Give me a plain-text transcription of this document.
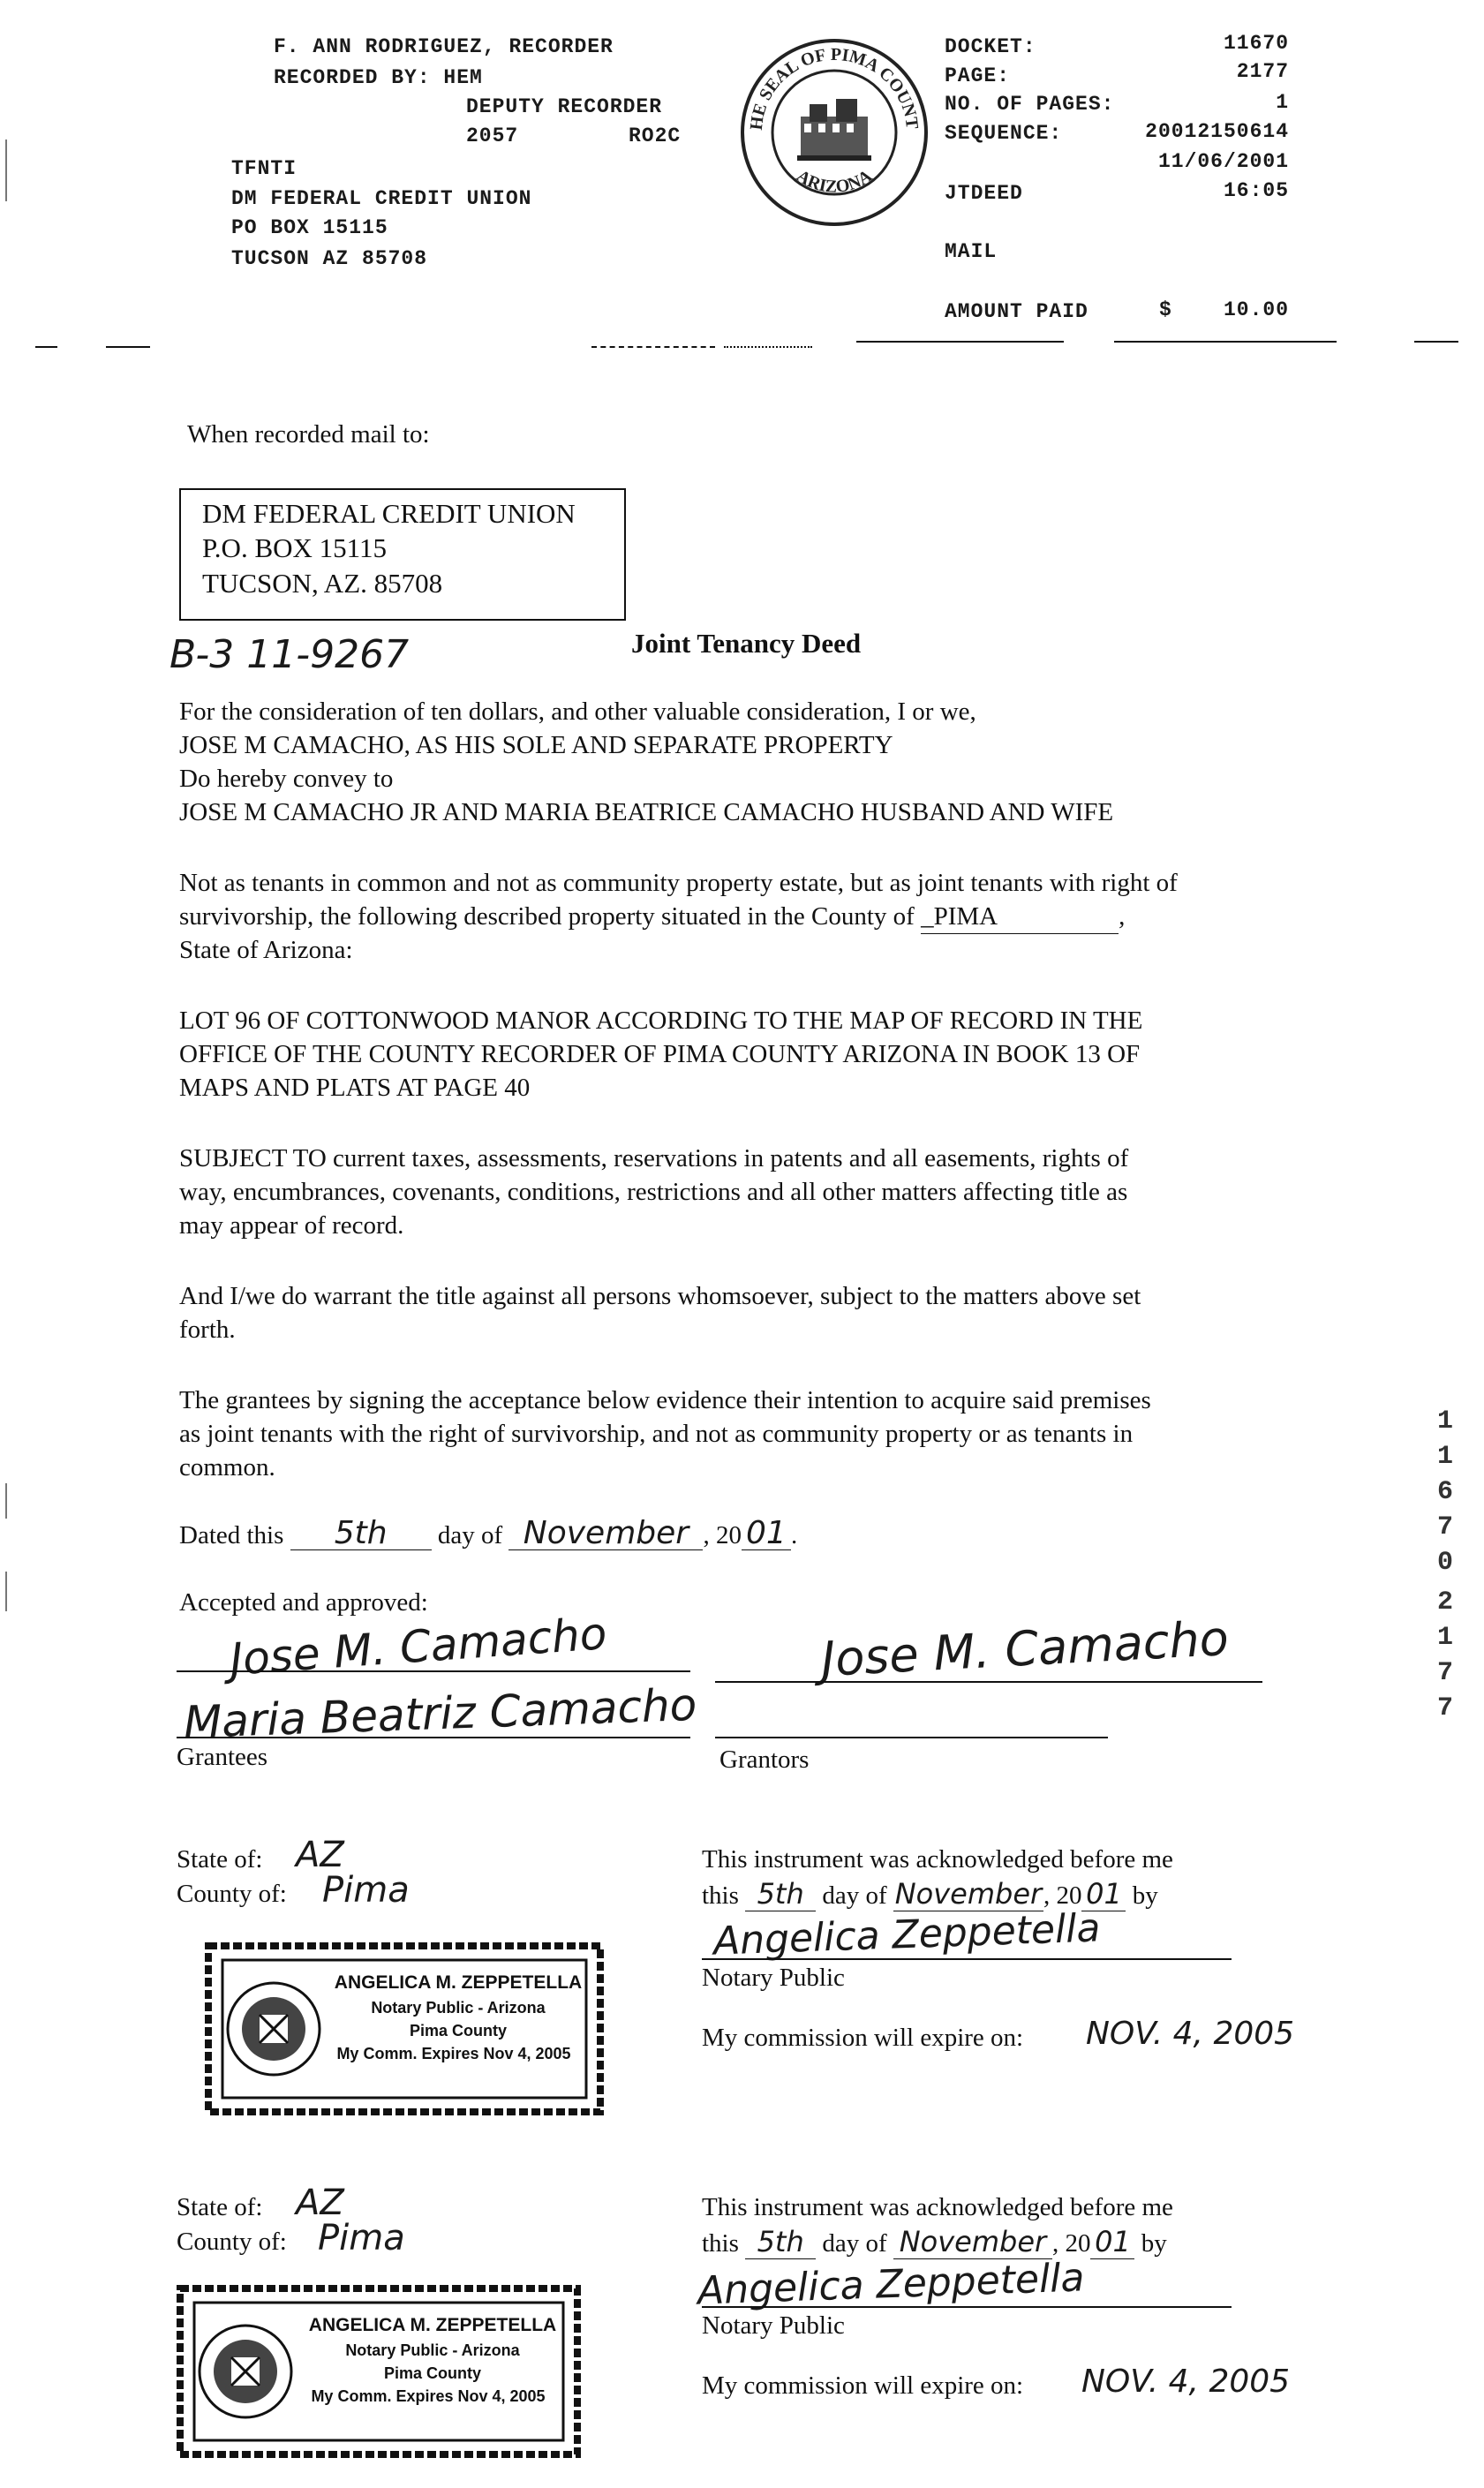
F. ANN RODRIGUEZ, RECORDER
RECORDED BY: HEM
DEPUTY RECORDER
2057	RO2C
TFNTI
DM FEDERAL CREDIT UNION
PO BOX 15115
TUCSON AZ 85708
HE SEAL OF PIMA COUNT
ARIZONA
DOCKET:	11670
PAGE:	2177
NO. OF PAGES:	1
SEQUENCE:	20012150614
11/06/2001
JTDEED	16:05
MAIL
AMOUNT PAID	$	10.00
When recorded mail to:
DM FEDERAL CREDIT UNION
P.O. BOX 15115
TUCSON, AZ. 85708
B-3 11-9267	Joint Tenancy Deed
For the consideration of ten dollars, and other valuable consideration, I or we,
JOSE M CAMACHO, AS HIS SOLE AND SEPARATE PROPERTY
Do hereby convey to
JOSE M CAMACHO JR AND MARIA BEATRICE CAMACHO HUSBAND AND WIFE
Not as tenants in common and not as community property estate, but as joint tenants with right of
survivorship, the following described property situated in the County of _PIMA	,
State of Arizona:
LOT 96 OF COTTONWOOD MANOR ACCORDING TO THE MAP OF RECORD IN THE
OFFICE OF THE COUNTY RECORDER OF PIMA COUNTY ARIZONA IN BOOK 13 OF
MAPS AND PLATS AT PAGE 40
SUBJECT TO current taxes, assessments, reservations in patents and all easements, rights of
way, encumbrances, covenants, conditions, restrictions and all other matters affecting title as
may appear of record.
And I/we do warrant the title against all persons whomsoever, subject to the matters above set
forth.
The grantees by signing the acceptance below evidence their intention to acquire said premises
as joint tenants with the right of survivorship, and not as community property or as tenants in
common.
Dated this 5th day of November , 20 01 .
Accepted and approved:
Jose M. Camacho
Maria Beatriz Camacho
Grantees
Jose M. Camacho
Grantors
State of: AZ
County of: Pima
ANGELICA M. ZEPPETELLA
Notary Public - Arizona
Pima County
My Comm. Expires Nov 4, 2005
This instrument was acknowledged before me
this 5th day of November, 20 01 by
Angelica Zeppetella
Notary Public
My commission will expire on: NOV. 4, 2005
State of: AZ
County of: Pima
ANGELICA M. ZEPPETELLA
Notary Public - Arizona
Pima County
My Comm. Expires Nov 4, 2005
This instrument was acknowledged before me
this 5th day of November , 20 01 by
Angelica Zeppetella
Notary Public
My commission will expire on: NOV. 4, 2005
1
1
6
7
0
2
1
7
7
